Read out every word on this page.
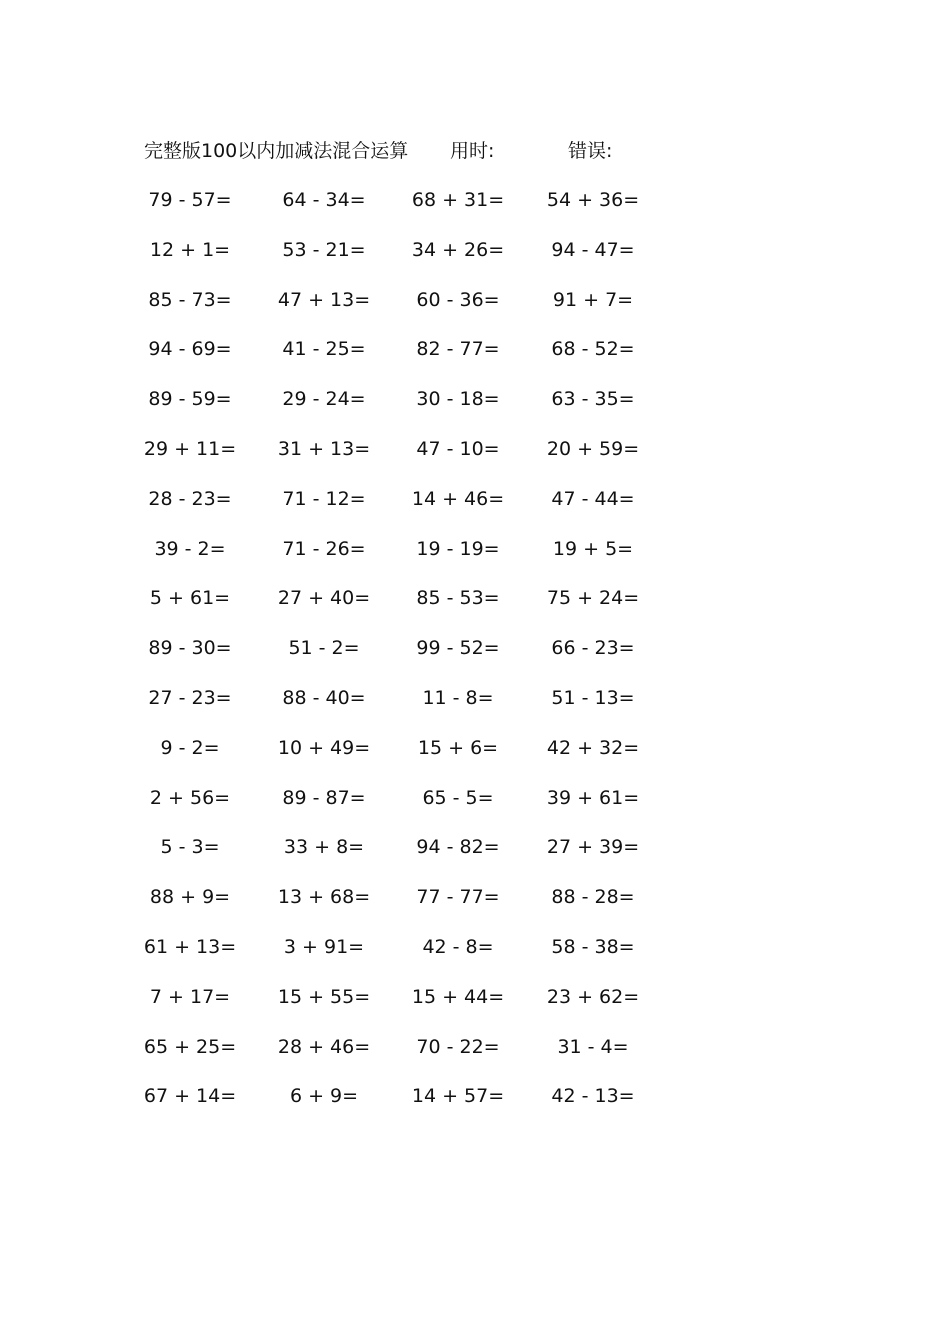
完整版100以内加减法混合运算 用时:	错误:
79 - 57=	64 - 34=	68 + 31=	54 + 36=
12 + 1=	53 - 21=	34 + 26=	94 - 47=
85 - 73=	47 + 13=	60 - 36=	91 + 7=
94 - 69=	41 - 25=	82 - 77=	68 - 52=
89 - 59=	29 - 24=	30 - 18=	63 - 35=
29 + 11=	31 + 13=	47 - 10=	20 + 59=
28 - 23=	71 - 12=	14 + 46=	47 - 44=
39 - 2=	71 - 26=	19 - 19=	19 + 5=
5 + 61=	27 + 40=	85 - 53=	75 + 24=
89 - 30=	51 - 2=	99 - 52=	66 - 23=
27 - 23=	88 - 40=	11 - 8=	51 - 13=
9 - 2=	10 + 49=	15 + 6=	42 + 32=
2 + 56=	89 - 87=	65 - 5=	39 + 61=
5 - 3=	33 + 8=	94 - 82=	27 + 39=
88 + 9=	13 + 68=	77 - 77=	88 - 28=
61 + 13=	3 + 91=	42 - 8=	58 - 38=
7 + 17=	15 + 55=	15 + 44=	23 + 62=
65 + 25=	28 + 46=	70 - 22=	31 - 4=
67 + 14=	6 + 9=	14 + 57=	42 - 13=
